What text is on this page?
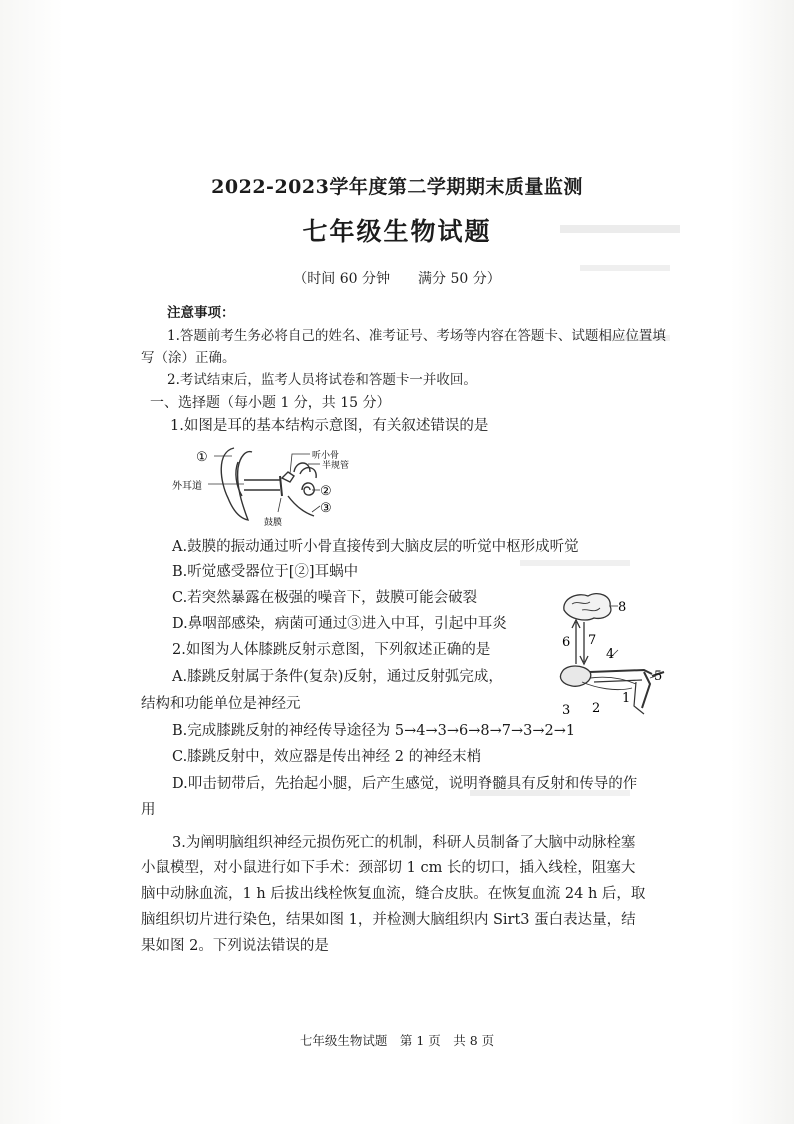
2022-2023学年度第二学期期末质量监测
七年级生物试题
（时间 60 分钟　　满分 50 分）
注意事项：
1.答题前考生务必将自己的姓名、准考证号、考场等内容在答题卡、试题相应位置填
写（涂）正确。
2.考试结束后，监考人员将试卷和答题卡一并收回。
一、选择题（每小题 1 分，共 15 分）
1.如图是耳的基本结构示意图，有关叙述错误的是
①
外耳道
听小骨
半规管
②
③
鼓膜
A.鼓膜的振动通过听小骨直接传到大脑皮层的听觉中枢形成听觉
B.听觉感受器位于[②]耳蜗中
C.若突然暴露在极强的噪音下，鼓膜可能会破裂
D.鼻咽部感染，病菌可通过③进入中耳，引起中耳炎
2.如图为人体膝跳反射示意图，下列叙述正确的是
8
6 7
4
5
1
2
3
A.膝跳反射属于条件(复杂)反射，通过反射弧完成，
结构和功能单位是神经元
B.完成膝跳反射的神经传导途径为 5→4→3→6→8→7→3→2→1
C.膝跳反射中，效应器是传出神经 2 的神经末梢
D.叩击韧带后，先抬起小腿，后产生感觉，说明脊髓具有反射和传导的作
用
3.为阐明脑组织神经元损伤死亡的机制，科研人员制备了大脑中动脉栓塞
小鼠模型，对小鼠进行如下手术：颈部切 1 cm 长的切口，插入线栓，阻塞大
脑中动脉血流，1 h 后拔出线栓恢复血流，缝合皮肤。在恢复血流 24 h 后，取
脑组织切片进行染色，结果如图 1，并检测大脑组织内 Sirt3 蛋白表达量，结
果如图 2。下列说法错误的是
七年级生物试题　第 1 页　共 8 页
